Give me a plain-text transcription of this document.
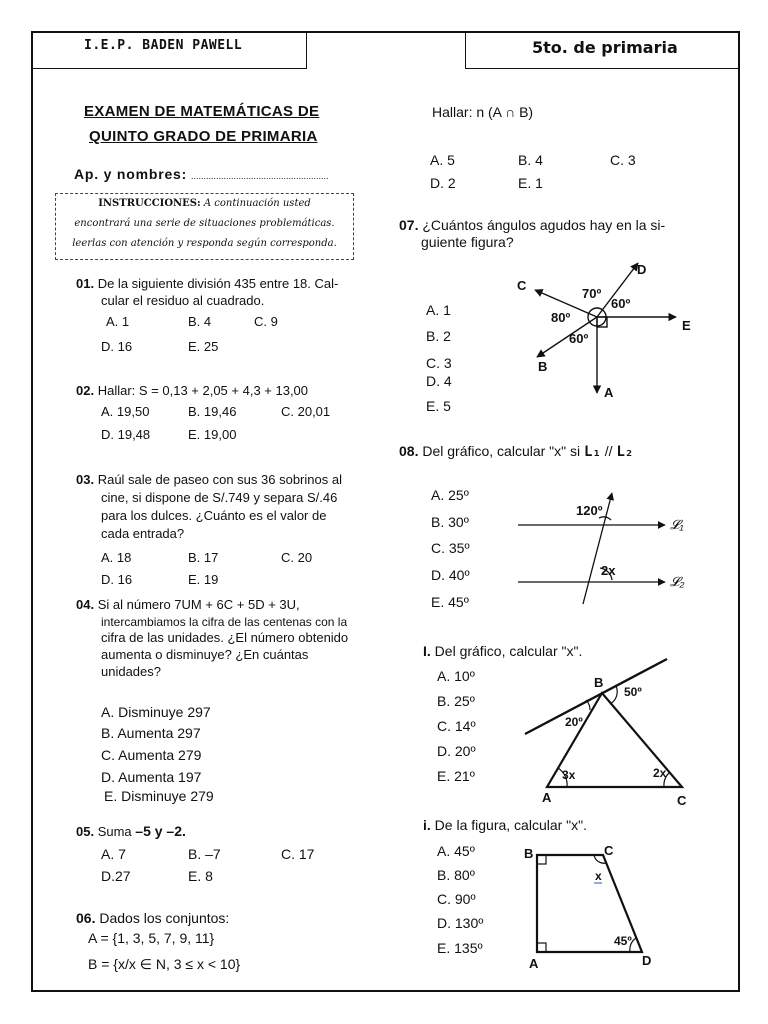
I.E.P. BADEN PAWELL	5to. de primaria
EXAMEN DE MATEMÁTICAS DE
QUINTO GRADO DE PRIMARIA
Ap. y nombres: .......................................................
INSTRUCCIONES: A continuación usted
encontrará una serie de situaciones problemáticas.
leerlas con atención y responda según corresponda.
01. De la siguiente división 435 entre 18. Cal-
cular el residuo al cuadrado.
A. 1	B. 4	C. 9
D. 16	E. 25
02. Hallar: S = 0,13 + 2,05 + 4,3 + 13,00
A. 19,50	B. 19,46	C. 20,01
D. 19,48	E. 19,00
03. Raúl sale de paseo con sus 36 sobrinos al
cine, si dispone de S/.749 y separa S/.46
para los dulces. ¿Cuánto es el valor de
cada entrada?
A. 18	B. 17	C. 20
D. 16	E. 19
04. Si al número 7UM + 6C + 5D + 3U,
intercambiamos la cifra de las centenas con la
cifra de las unidades. ¿El número obtenido
aumenta o disminuye? ¿En cuántas
unidades?
A. Disminuye 297
B. Aumenta 297
C. Aumenta 279
D. Aumenta 197
E. Disminuye 279
05. Suma –5 y –2.
A. 7	B. –7	C. 17
D.27	E. 8
06. Dados los conjuntos:
A = {1, 3, 5, 7, 9, 11}
B = {x/x ∈ N, 3 ≤ x < 10}
Hallar: n (A ∩ B)
A. 5	B. 4	C. 3
D. 2	E. 1
07. ¿Cuántos ángulos agudos hay en la si-
guiente figura?
A. 1
B. 2
C. 3
D. 4
E. 5
70º
60º
80º
60º
C
D
E
B
A
08. Del gráfico, calcular "x" si L₁ // L₂
A. 25º
B. 30º
C. 35º
D. 40º
E. 45º
120º
2x
𝓛₁
𝓛₂
I. Del gráfico, calcular "x".
A. 10º
B. 25º
C. 14º
D. 20º
E. 21º
B
50º
20º
3x	2x
A	C
i. De la figura, calcular "x".
A. 45º
B. 80º
C. 90º
D. 130º
E. 135º
B	C
x
45º
A	D
